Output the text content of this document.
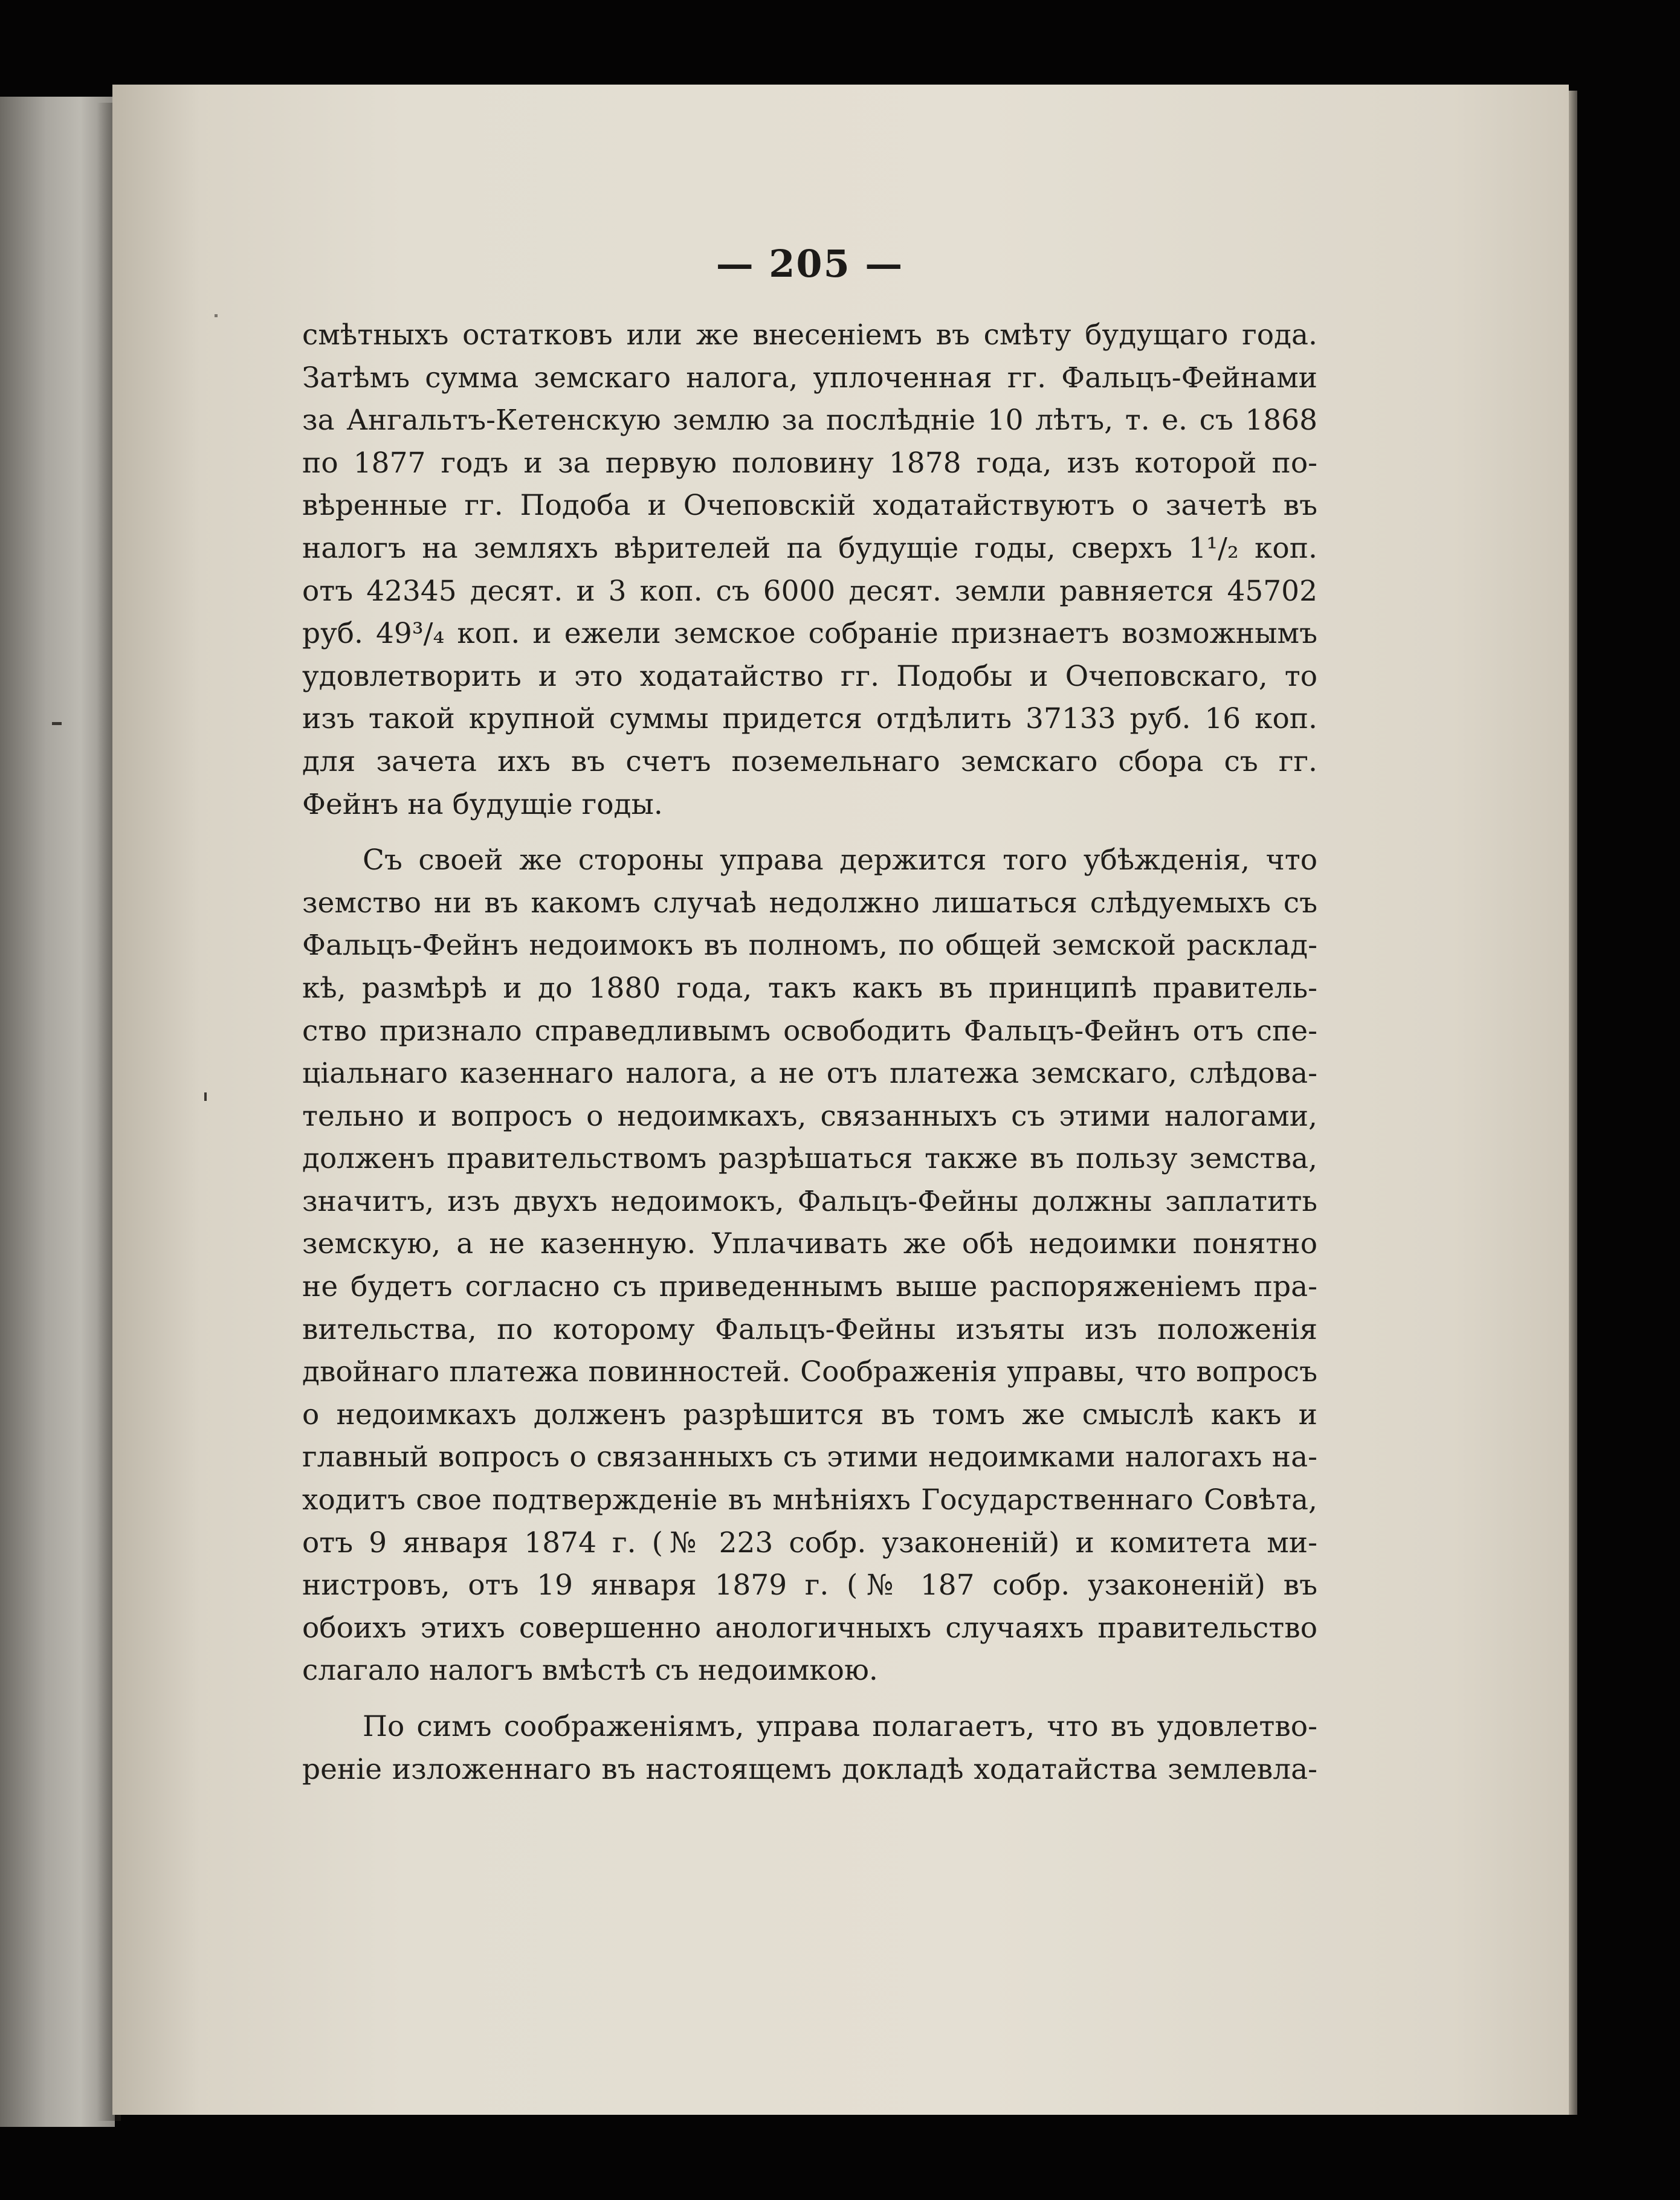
— 205 —
смѣтныхъ остатковъ или же внесеніемъ въ смѣту будущаго года.
Затѣмъ сумма земскаго налога, уплоченная гг. Фальцъ-Фейнами
за Ангальтъ-Кетенскую землю за послѣдніе 10 лѣтъ, т. е. съ 1868
по 1877 годъ и за первую половину 1878 года, изъ которой по-
вѣренные гг. Подоба и Очеповскій ходатайствуютъ о зачетѣ въ
налогъ на земляхъ вѣрителей па будущіе годы, сверхъ 1¹/₂ коп.
отъ 42345 десят. и 3 коп. съ 6000 десят. земли равняется 45702
руб. 49³/₄ коп. и ежели земское собраніе признаетъ возможнымъ
удовлетворить и это ходатайство гг. Подобы и Очеповскаго, то
изъ такой крупной суммы придется отдѣлить 37133 руб. 16 коп.
для зачета ихъ въ счетъ поземельнаго земскаго сбора съ гг.
Фейнъ на будущіе годы.
Съ своей же стороны управа держится того убѣжденія, что
земство ни въ какомъ случаѣ недолжно лишаться слѣдуемыхъ съ
Фальцъ-Фейнъ недоимокъ въ полномъ, по общей земской расклад-
кѣ, размѣрѣ и до 1880 года, такъ какъ въ принципѣ правитель-
ство признало справедливымъ освободить Фальцъ-Фейнъ отъ спе-
ціальнаго казеннаго налога, а не отъ платежа земскаго, слѣдова-
тельно и вопросъ о недоимкахъ, связанныхъ съ этими налогами,
долженъ правительствомъ разрѣшаться также въ пользу земства,
значитъ, изъ двухъ недоимокъ, Фальцъ-Фейны должны заплатить
земскую, а не казенную. Уплачивать же обѣ недоимки понятно
не будетъ согласно съ приведеннымъ выше распоряженіемъ пра-
вительства, по которому Фальцъ-Фейны изъяты изъ положенія
двойнаго платежа повинностей. Соображенія управы, что вопросъ
о недоимкахъ долженъ разрѣшится въ томъ же смыслѣ какъ и
главный вопросъ о связанныхъ съ этими недоимками налогахъ на-
ходитъ свое подтвержденіе въ мнѣніяхъ Государственнаго Совѣта,
отъ 9 января 1874 г. (№ 223 собр. узаконеній) и комитета ми-
нистровъ, отъ 19 января 1879 г. (№ 187 собр. узаконеній) въ
обоихъ этихъ совершенно анологичныхъ случаяхъ правительство
слагало налогъ вмѣстѣ съ недоимкою.
По симъ соображеніямъ, управа полагаетъ, что въ удовлетво-
реніе изложеннаго въ настоящемъ докладѣ ходатайства землевла-
